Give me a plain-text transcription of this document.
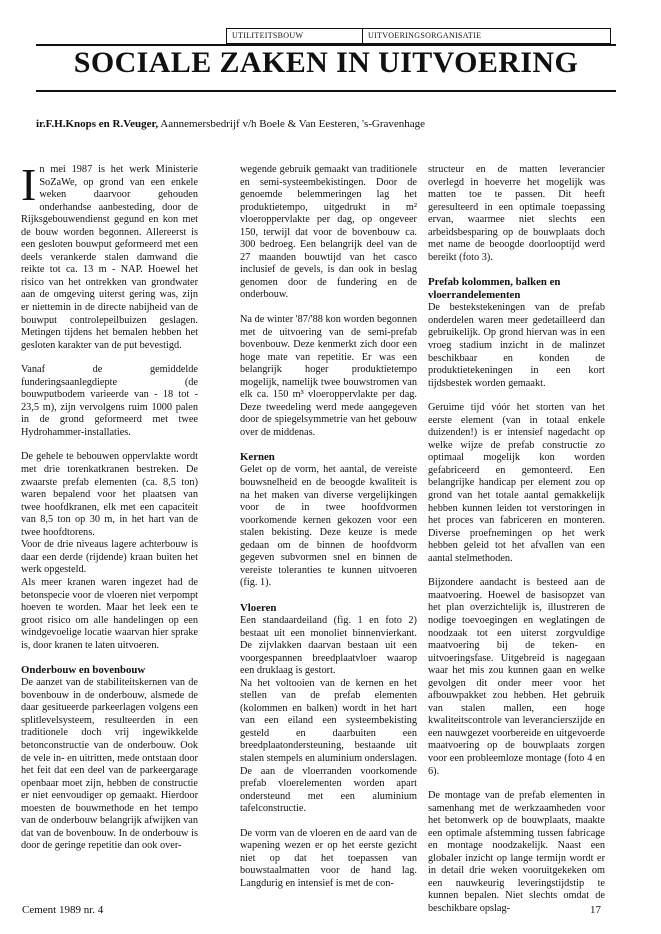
UTILITEITSBOUW	UITVOERINGSORGANISATIE
SOCIALE ZAKEN IN UITVOERING
ir.F.H.Knops en R.Veuger, Aannemersbedrijf v/h Boele & Van Eesteren, 's-Gravenhage

In mei 1987 is het werk Ministerie SoZaWe, op grond van een enkele weken daarvoor gehouden onderhandse aanbesteding, door de Rijksgebouwendienst gegund en kon met de bouw worden begonnen. Allereerst is een gesloten bouwput geformeerd met een deels verankerde stalen damwand die reikte tot ca. 13 m - NAP. Hoewel het risico van het ontrekken van grondwater aan de omgeving uiterst gering was, zijn er niettemin in de directe nabijheid van de bouwput controlepeilbuizen geslagen. Metingen tijdens het bemalen hebben het gesloten karakter van de put bevestigd.

Vanaf de gemiddelde funderingsaanlegdiepte (de bouwputbodem varieerde van - 18 tot - 23,5 m), zijn vervolgens ruim 1000 palen in de grond geformeerd met twee Hydrohammer-installaties.

De gehele te bebouwen oppervlakte wordt met drie torenkatkranen bestreken. De zwaarste prefab elementen (ca. 8,5 ton) waren bepalend voor het plaatsen van twee hoofdkranen, elk met een capaciteit van 8,5 ton op 30 m, in het hart van de twee hoofdtorens.

Voor de drie niveaus lagere achterbouw is daar een derde (rijdende) kraan buiten het werk opgesteld.

Als meer kranen waren ingezet had de betonspecie voor de vloeren niet verpompt hoeven te worden. Maar het leek een te groot risico om alle handelingen op een windgevoelige locatie waarvan hier sprake is, door kranen te laten uitvoeren.

Onderbouw en bovenbouw

De aanzet van de stabiliteitskernen van de bovenbouw in de onderbouw, alsmede de daar gesitueerde parkeerlagen volgens een splitlevelsysteem, resulteerden in een traditionele doch vrij ingewikkelde betonconstructie van de onderbouw. Ook de vele in- en uitritten, mede ontstaan door het feit dat een deel van de parkeergarage openbaar moet zijn, hebben de constructie er niet eenvoudiger op gemaakt. Hierdoor moesten de bouwmethode en het tempo van de onderbouw belangrijk afwijken van dat van de bovenbouw. In de onderbouw is door de geringe repetitie dan ook over-

wegende gebruik gemaakt van traditionele en semi-systeembekistingen. Door de genoemde belemmeringen lag het produktietempo, uitgedrukt in m² vloeroppervlakte per dag, op ongeveer 150, terwijl dat voor de bovenbouw ca. 300 bedroeg. Een belangrijk deel van de 27 maanden bouwtijd van het casco inclusief de gevels, is dan ook in beslag genomen door de fundering en de onderbouw.

Na de winter '87/'88 kon worden begonnen met de uitvoering van de semi-prefab bovenbouw. Deze kenmerkt zich door een hoge mate van repetitie. Er was een belangrijk hoger produktietempo mogelijk, namelijk twee bouwstromen van elk ca. 150 m³ vloeroppervlakte per dag. Deze tweedeling werd mede aangegeven door de spiegelsymmetrie van het gebouw over de middenas.

Kernen

Gelet op de vorm, het aantal, de vereiste bouwsnelheid en de beoogde kwaliteit is na het maken van diverse vergelijkingen voor de in twee hoofdvormen voorkomende kernen gekozen voor een stalen bekisting. Deze keuze is mede gedaan om de binnen de hoofdvorm gegeven subvormen snel en binnen de vereiste toleranties te kunnen uitvoeren (fig. 1).

Vloeren

Een standaardeiland (fig. 1 en foto 2) bestaat uit een monoliet binnenvierkant. De zijvlakken daarvan bestaan uit een voorgespannen breedplaatvloer waarop een druklaag is gestort.

Na het voltooien van de kernen en het stellen van de prefab elementen (kolommen en balken) wordt in het hart van een eiland een systeembekisting gesteld en daarbuiten een breedplaatondersteuning, bestaande uit stalen stempels en aluminium onderslagen. De aan de vloerranden voorkomende prefab vloerelementen worden apart ondersteund met een aluminium tafelconstructie.

De vorm van de vloeren en de aard van de wapening wezen er op het eerste gezicht niet op dat het toepassen van bouwstaalmatten voor de hand lag. Langdurig en intensief is met de con-

structeur en de matten leverancier overlegd in hoeverre het mogelijk was matten toe te passen. Dit heeft geresulteerd in een optimale toepassing ervan, waarmee niet slechts een arbeidsbesparing op de bouwplaats doch met name de beoogde doorlooptijd werd bereikt (foto 3).

Prefab kolommen, balken en vloerrandelementen

De bestekstekeningen van de prefab onderdelen waren meer gedetailleerd dan gebruikelijk. Op grond hiervan was in een vroeg stadium inzicht in de malinzet beschikbaar en konden de produktietekeningen in een kort tijdsbestek worden gemaakt.

Geruime tijd vóór het storten van het eerste element (van in totaal enkele duizenden!) is er intensief nagedacht op welke wijze de prefab constructie zo optimaal mogelijk kon worden gefabriceerd en gemonteerd. Een belangrijke handicap per element zou op grond van het totale aantal gemakkelijk hebben kunnen leiden tot verstoringen in het proces van fabriceren en monteren. Diverse proefnemingen op het werk hebben geleid tot het afvallen van een aantal stelmethoden.

Bijzondere aandacht is besteed aan de maatvoering. Hoewel de basisopzet van het plan overzichtelijk is, illustreren de nodige toevoegingen en weglatingen de noodzaak tot een uiterst zorgvuldige maatvoering bij de teken- en uitvoeringsfase. Uitgebreid is nagegaan waar het mis zou kunnen gaan en welke gevolgen dit onder meer voor het afbouwpakket zou hebben. Het gebruik van stalen mallen, een hoge kwaliteitscontrole van leverancierszijde en een nauwgezet voorbereide en uitgevoerde maatvoering op de bouwplaats zorgen voor een probleemloze montage (foto 4 en 6).

De montage van de prefab elementen in samenhang met de werkzaamheden voor het betonwerk op de bouwplaats, maakte een optimale afstemming tussen fabricage en montage noodzakelijk. Naast een globaler inzicht op lange termijn wordt er in detail drie weken vooruitgekeken om een nauwkeurig leveringstijdstip te kunnen bepalen. Niet slechts omdat de beschikbare opslag-

Cement 1989 nr. 4	17
